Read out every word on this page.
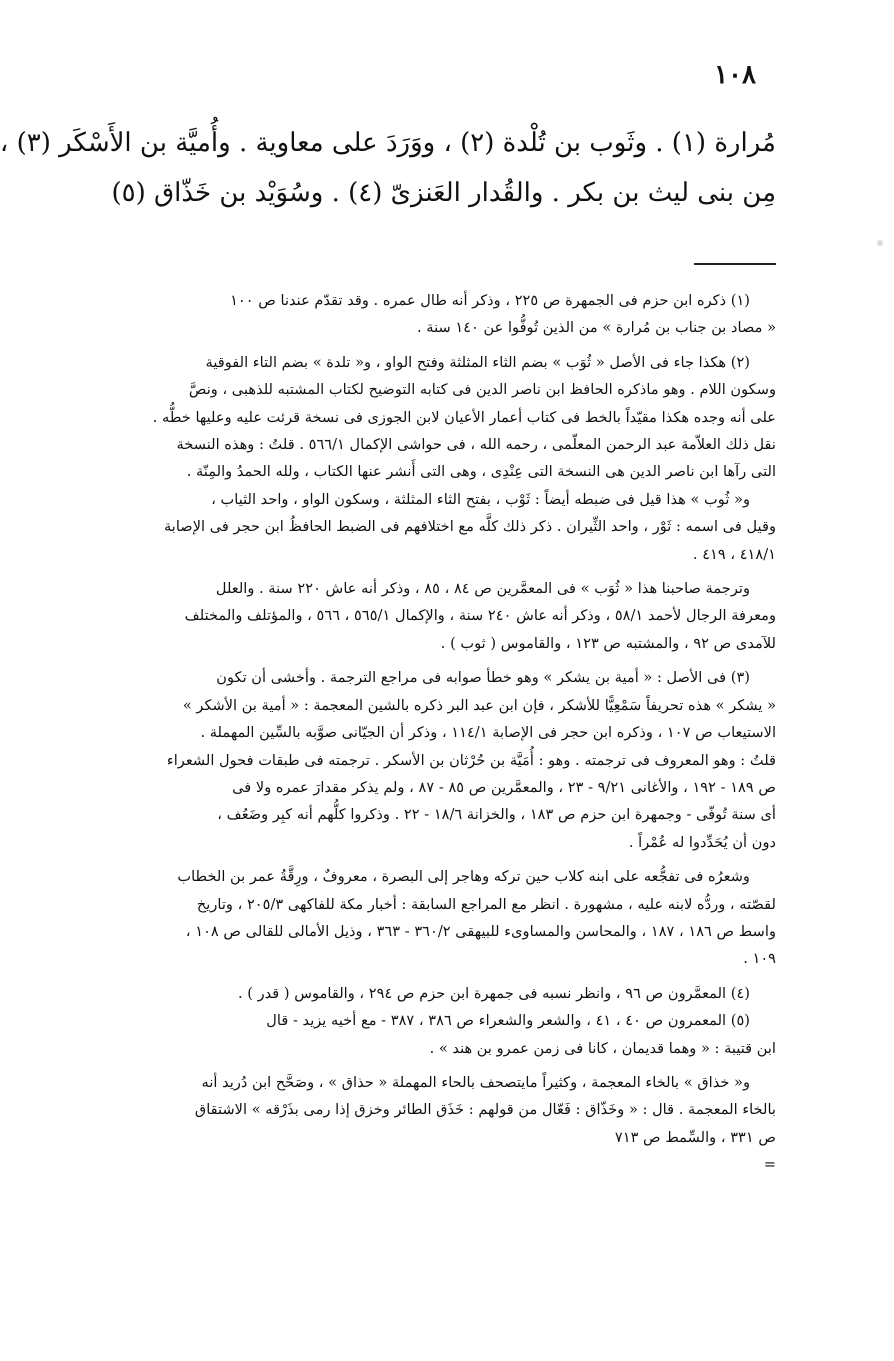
١٠٨
مُرارة (١) . وثَوب بن تُلْدة (٢) ، ووَرَدَ على معاوية . وأُميَّة بن الأَسْكَر (٣) ،
مِن بنى ليث بن بكر . والقُدار العَنزىّ (٤) . وسُوَيْد بن خَذّاق (٥)
(١) ذكره ابن حزم فى الجمهرة ص ٢٢٥ ، وذكر أنه طال عمره . وقد تقدّم عندنا ص ١٠٠
« مصاد بن جناب بن مُرارة » من الذين تُوفُّوا عن ١٤٠ سنة .
(٢) هكذا جاء فى الأصل « ثُوَب » بضم الثاء المثلثة وفتح الواو ، و« تلدة » بضم التاء الفوقية
وسكون اللام . وهو ماذكره الحافظ ابن ناصر الدين فى كتابه التوضيح لكتاب المشتبه للذهبى ، ونصَّ
على أنه وجده هكذا مقيّداً بالخط فى كتاب أعمار الأعيان لابن الجوزى فى نسخة قرئت عليه وعليها خطُّه .
نقل ذلك العلاّمة عبد الرحمن المعلّمى ، رحمه الله ، فى حواشى الإكمال ٥٦٦/١ . قلتُ : وهذه النسخة
التى رآها ابن ناصر الدين هى النسخة التى عِنْدِى ، وهى التى أَنشر عنها الكتاب ، ولله الحمدُ والمِنّة .
و« ثُوب » هذا قيل فى ضبطه أيضاً : ثَوْب ، بفتح الثاء المثلثة ، وسكون الواو ، واحد الثياب ،
وقيل فى اسمه : ثَوْر ، واحد الثِّيران . ذكر ذلك كلَّه مع اختلافهم فى الضبط الحافظُ ابن حجر فى الإصابة
٤١٨/١ ، ٤١٩ .
وترجمة صاحبنا هذا « ثُوَب » فى المعمَّرين ص ٨٤ ، ٨٥ ، وذكر أنه عاش ٢٢٠ سنة . والعلل
ومعرفة الرجال لأحمد ٥٨/١ ، وذكر أنه عاش ٢٤٠ سنة ، والإكمال ٥٦٥/١ ، ٥٦٦ ، والمؤتلف والمختلف
للآمدى ص ٩٢ ، والمشتبه ص ١٢٣ ، والقاموس ( ثوب ) .
(٣) فى الأصل : « أمية بن يشكر » وهو خطأ صوابه فى مراجع الترجمة . وأخشى أن تكون
« يشكر » هذه تحريفاً سَمْعِيًّا للأشكر ، فإن ابن عبد البر ذكره بالشين المعجمة : « أمية بن الأشكر »
الاستيعاب ص ١٠٧ ، وذكره ابن حجر فى الإصابة ١١٤/١ ، وذكر أن الجيّانى صوَّبه بالسِّين المهملة .
قلتُ : وهو المعروف فى ترجمته . وهو : أُمَيَّة بن حُرْثان بن الأسكر . ترجمته فى طبقات فحول الشعراء
ص ١٨٩ - ١٩٢ ، والأغانى ٩/٢١ - ٢٣ ، والمعمَّرين ص ٨٥ - ٨٧ ، ولم يذكر مقدارَ عمره ولا فى
أى سنة تُوفّى - وجمهرة ابن حزم ص ١٨٣ ، والخزانة ١٨/٦ - ٢٢ . وذكروا كلُّهم أنه كبِر وضَعُف ،
دون أن يُحَدِّدوا له عُمْراً .
وشعرُه فى تفجُّعه على ابنه كلاب حين تركه وهاجر إلى البصرة ، معروفٌ ، ورِقَّةُ عمر بن الخطاب
لقصّته ، وردُّه لابنه عليه ، مشهورة . انظر مع المراجع السابقة : أخبار مكة للفاكهى ٢٠٥/٣ ، وتاريخ
واسط ص ١٨٦ ، ١٨٧ ، والمحاسن والمساوىء للبيهقى ٣٦٠/٢ - ٣٦٣ ، وذيل الأمالى للقالى ص ١٠٨ ،
١٠٩ .
(٤) المعمَّرون ص ٩٦ ، وانظر نسبه فى جمهرة ابن حزم ص ٢٩٤ ، والقاموس ( قدر ) .
(٥) المعمرون ص ٤٠ ، ٤١ ، والشعر والشعراء ص ٣٨٦ ، ٣٨٧ - مع أخيه يزيد - قال
ابن قتيبة : « وهما قديمان ، كانا فى زمن عمرو بن هند » .
و« خذاق » بالخاء المعجمة ، وكثيراً مايتصحف بالحاء المهملة « حذاق » ، وصَحَّح ابن دُريد أنه
بالخاء المعجمة . قال : « وخَذّاق : فَعّال من قولهم : خَذَق الطائر وخزق إذا رمى بذَرْقه » الاشتقاق
ص ٣٣١ ، والسِّمط ص ٧١٣
=
